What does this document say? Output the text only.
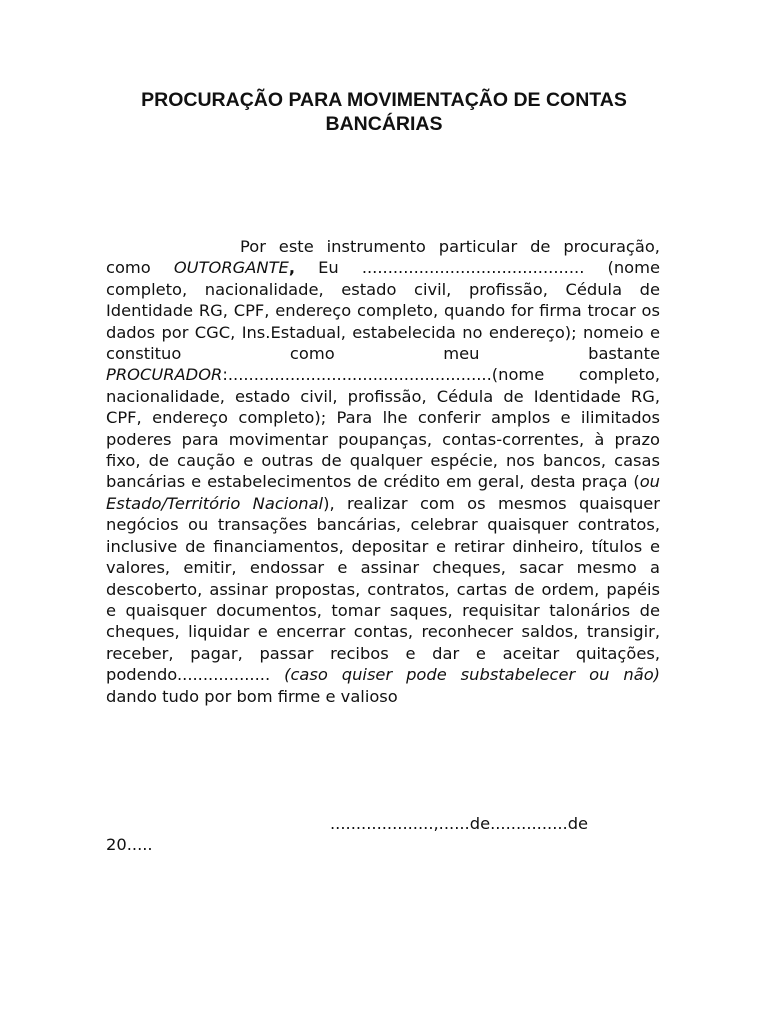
PROCURAÇÃO PARA MOVIMENTAÇÃO DE CONTAS
BANCÁRIAS

Por este instrumento particular de procuração, como OUTORGANTE, Eu ........................................... (nome completo, nacionalidade, estado civil, profissão, Cédula de Identidade RG, CPF, endereço completo, quando for firma trocar os dados por CGC, Ins.Estadual, estabelecida no endereço); nomeio e constituo como meu bastante PROCURADOR:...................................................(nome completo, nacionalidade, estado civil, profissão, Cédula de Identidade RG, CPF, endereço completo); Para lhe conferir amplos e ilimitados poderes para movimentar poupanças, contas-correntes, à prazo fixo, de caução e outras de qualquer espécie, nos bancos, casas bancárias e estabelecimentos de crédito em geral, desta praça (ou Estado/Território Nacional), realizar com os mesmos quaisquer negócios ou transações bancárias, celebrar quaisquer contratos, inclusive de financiamentos, depositar e retirar dinheiro, títulos e valores, emitir, endossar e assinar cheques, sacar mesmo a descoberto, assinar propostas, contratos, cartas de ordem, papéis e quaisquer documentos, tomar saques, requisitar talonários de cheques, liquidar e encerrar contas, reconhecer saldos, transigir, receber, pagar, passar recibos e dar e aceitar quitações, podendo.................. (caso quiser pode substabelecer ou não) dando tudo por bom firme e valioso

....................,......de...............de
20.....
